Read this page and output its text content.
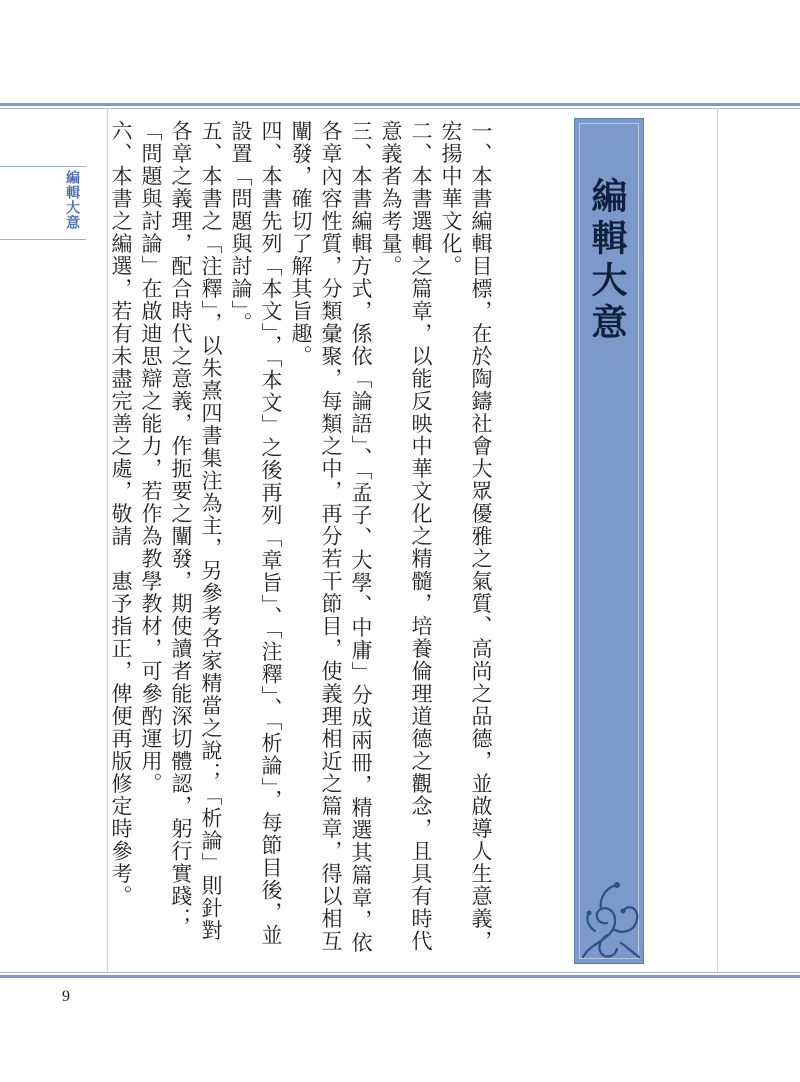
編輯大意	編輯大意

一、本書編輯目標，在於陶鑄社會大眾優雅之氣質、高尚之品德，並啟導人生意義，宏揚中華文化。

二、本書選輯之篇章，以能反映中華文化之精髓，培養倫理道德之觀念，且具有時代意義者為考量。

三、本書編輯方式，係依「論語」、「孟子、大學、中庸」分成兩冊，精選其篇章，依各章內容性質，分類彙聚，每類之中，再分若干節目，使義理相近之篇章，得以相互闡發，確切了解其旨趣。

四、本書先列「本文」，「本文」之後再列「章旨」、「注釋」、「析論」，每節目後，並設置「問題與討論」。

五、本書之「注釋」，以朱熹四書集注為主，另參考各家精當之說；「析論」則針對各章之義理，配合時代之意義，作扼要之闡發，期使讀者能深切體認，躬行實踐；「問題與討論」在啟迪思辯之能力，若作為教學教材，可參酌運用。

六、本書之編選，若有未盡完善之處，敬請　惠予指正，俾便再版修定時參考。

9
